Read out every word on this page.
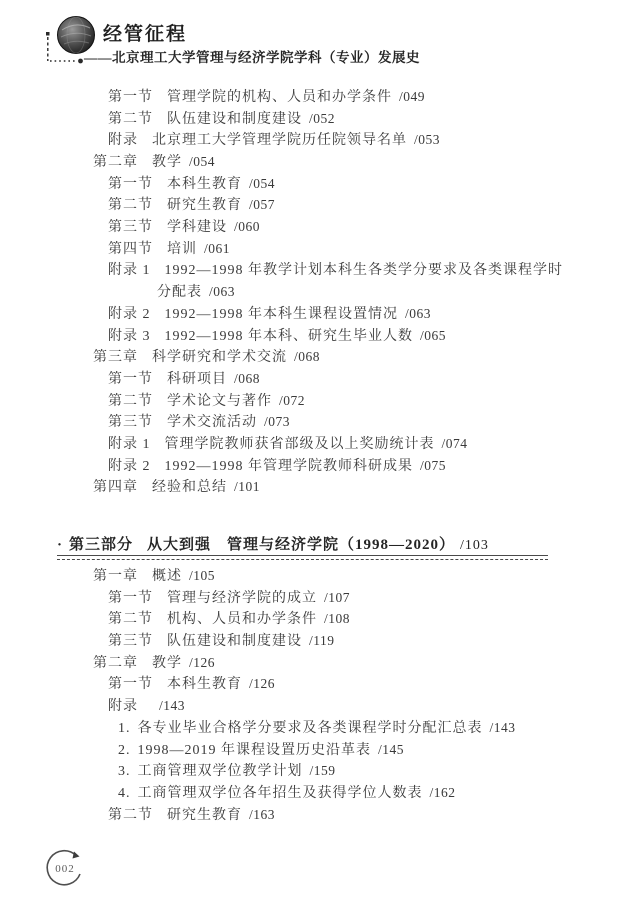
经管征程
——北京理工大学管理与经济学院学科（专业）发展史
第一节 管理学院的机构、人员和办学条件 /049
第二节 队伍建设和制度建设 /052
附录 北京理工大学管理学院历任院领导名单 /053
第二章 教学 /054
第一节 本科生教育 /054
第二节 研究生教育 /057
第三节 学科建设 /060
第四节 培训 /061
附录 1 1992—1998 年教学计划本科生各类学分要求及各类课程学时
分配表 /063
附录 2 1992—1998 年本科生课程设置情况 /063
附录 3 1992—1998 年本科、研究生毕业人数 /065
第三章 科学研究和学术交流 /068
第一节 科研项目 /068
第二节 学术论文与著作 /072
第三节 学术交流活动 /073
附录 1 管理学院教师获省部级及以上奖励统计表 /074
附录 2 1992—1998 年管理学院教师科研成果 /075
第四章 经验和总结 /101
· 第三部分 从大到强　管理与经济学院（1998—2020） /103
第一章 概述 /105
第一节 管理与经济学院的成立 /107
第二节 机构、人员和办学条件 /108
第三节 队伍建设和制度建设 /119
第二章 教学 /126
第一节 本科生教育 /126
附录 /143
1. 各专业毕业合格学分要求及各类课程学时分配汇总表 /143
2. 1998—2019 年课程设置历史沿革表 /145
3. 工商管理双学位教学计划 /159
4. 工商管理双学位各年招生及获得学位人数表 /162
第二节 研究生教育 /163
002
